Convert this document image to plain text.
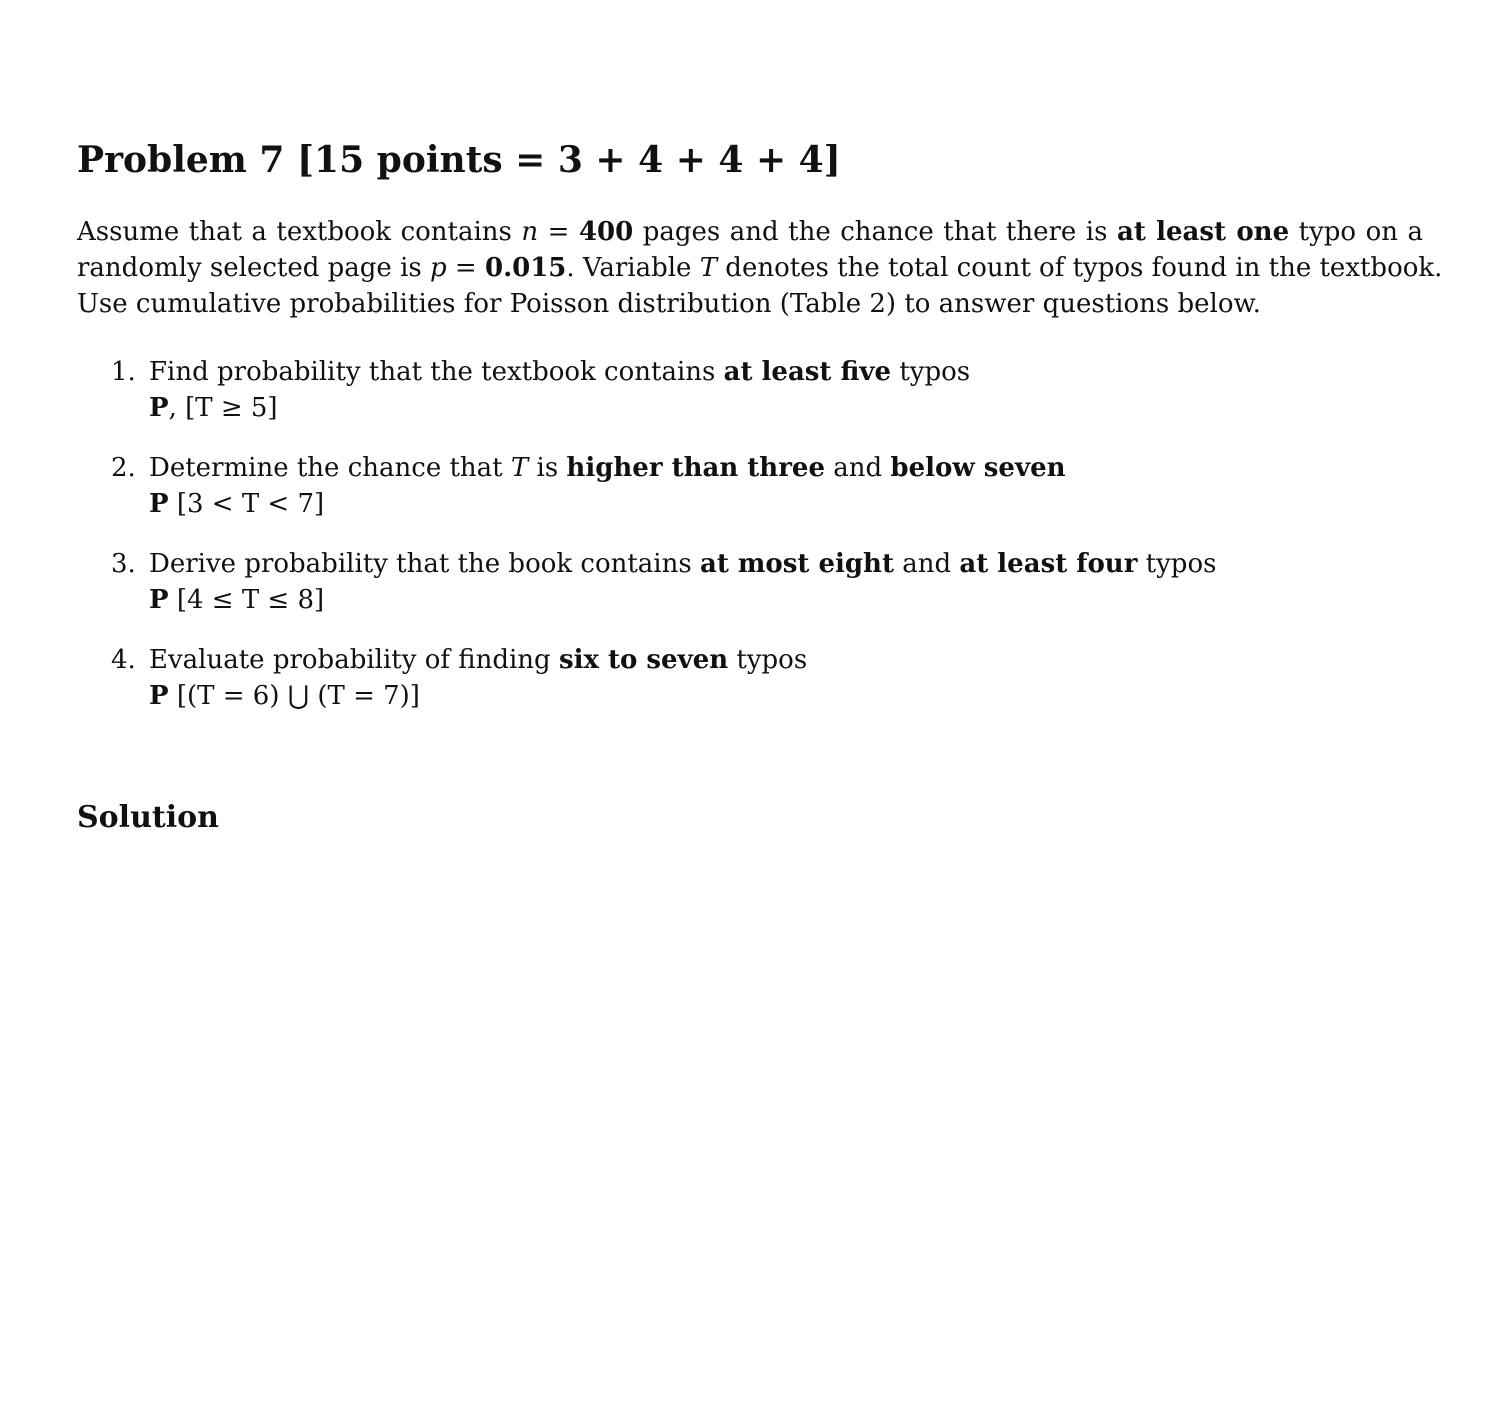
Problem 7 [15 points = 3 + 4 + 4 + 4]

Assume that a textbook contains n = 400 pages and the chance that there is at least one typo on a
randomly selected page is p = 0.015. Variable T denotes the total count of typos found in the textbook.
Use cumulative probabilities for Poisson distribution (Table 2) to answer questions below.

1. Find probability that the textbook contains at least five typos
P, [T ≥ 5]
2. Determine the chance that T is higher than three and below seven
P [3 < T < 7]
3. Derive probability that the book contains at most eight and at least four typos
P [4 ≤ T ≤ 8]
4. Evaluate probability of finding six to seven typos
P [(T = 6) ⋃ (T = 7)]
Solution
